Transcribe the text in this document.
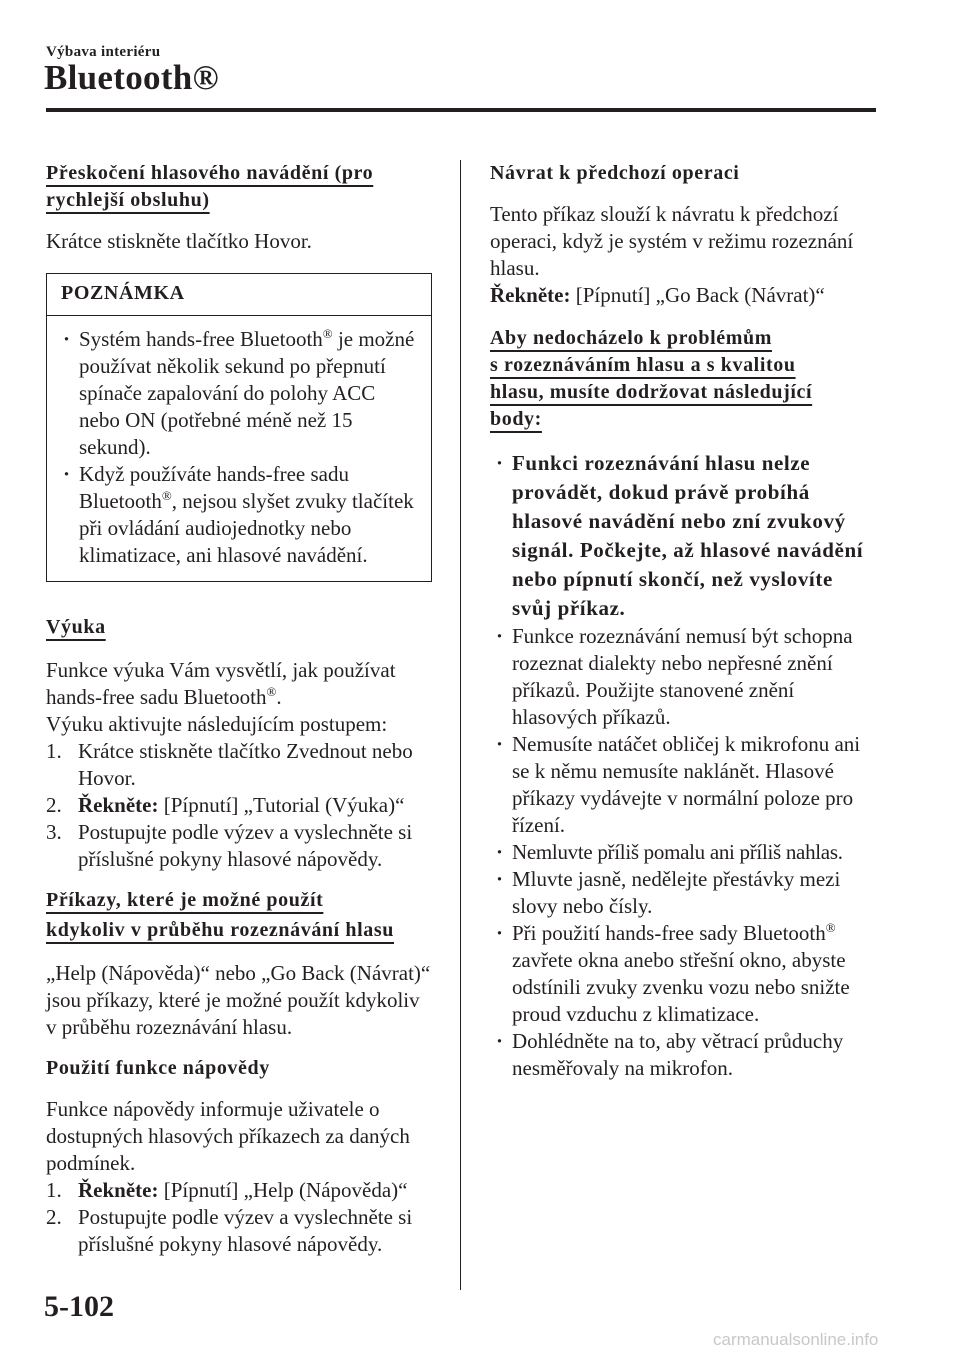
Výbava interiéru
Bluetooth®
Přeskočení hlasového navádění (pro rychlejší obsluhu)

Krátce stiskněte tlačítko Hovor.

POZNÁMKA

· Systém hands-free Bluetooth® je možné používat několik sekund po přepnutí spínače zapalování do polohy ACC nebo ON (potřebné méně než 15 sekund).

· Když používáte hands-free sadu Bluetooth®, nejsou slyšet zvuky tlačítek při ovládání audiojednotky nebo klimatizace, ani hlasové navádění.

Výuka

Funkce výuka Vám vysvětlí, jak používat hands-free sadu Bluetooth®.

Výuku aktivujte následujícím postupem:

1. Krátce stiskněte tlačítko Zvednout nebo Hovor.

2. Řekněte: [Pípnutí] „Tutorial (Výuka)“

3. Postupujte podle výzev a vyslechněte si příslušné pokyny hlasové nápovědy.

Příkazy, které je možné použít
kdykoliv v průběhu rozeznávání hlasu

„Help (Nápověda)“ nebo „Go Back (Návrat)“ jsou příkazy, které je možné použít kdykoliv v průběhu rozeznávání hlasu.

Použití funkce nápovědy

Funkce nápovědy informuje uživatele o dostupných hlasových příkazech za daných podmínek.

1. Řekněte: [Pípnutí] „Help (Nápověda)“

2. Postupujte podle výzev a vyslechněte si příslušné pokyny hlasové nápovědy.

Návrat k předchozí operaci

Tento příkaz slouží k návratu k předchozí operaci, když je systém v režimu rozeznání hlasu.

Řekněte: [Pípnutí] „Go Back (Návrat)“

Aby nedocházelo k problémům
s rozeznáváním hlasu a s kvalitou
hlasu, musíte dodržovat následující
body:

· Funkci rozeznávání hlasu nelze provádět, dokud právě probíhá hlasové navádění nebo zní zvukový signál. Počkejte, až hlasové navádění nebo pípnutí skončí, než vyslovíte svůj příkaz.

· Funkce rozeznávání nemusí být schopna rozeznat dialekty nebo nepřesné znění příkazů. Použijte stanovené znění hlasových příkazů.

· Nemusíte natáčet obličej k mikrofonu ani se k němu nemusíte naklánět. Hlasové příkazy vydávejte v normální poloze pro řízení.

· Nemluvte příliš pomalu ani příliš nahlas.

· Mluvte jasně, nedělejte přestávky mezi slovy nebo čísly.

· Při použití hands-free sady Bluetooth® zavřete okna anebo střešní okno, abyste odstínili zvuky zvenku vozu nebo snižte proud vzduchu z klimatizace.

· Dohlédněte na to, aby větrací průduchy nesměřovaly na mikrofon.

5-102
carmanualsonline.info
